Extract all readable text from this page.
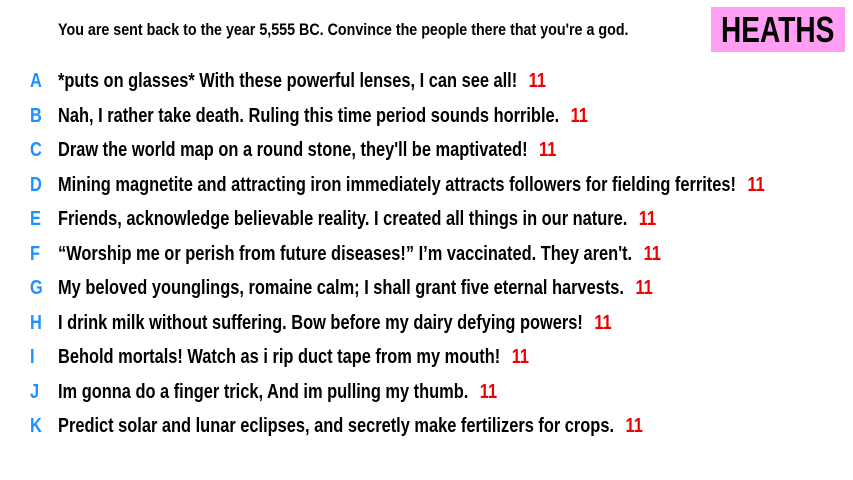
You are sent back to the year 5,555 BC. Convince the people there that you're a god.	HEATHS
A *puts on glasses* With these powerful lenses, I can see all! 11
B Nah, I rather take death. Ruling this time period sounds horrible. 11
C Draw the world map on a round stone, they'll be maptivated! 11
D Mining magnetite and attracting iron immediately attracts followers for fielding ferrites! 11
E Friends, acknowledge believable reality. I created all things in our nature. 11
F “Worship me or perish from future diseases!” I’m vaccinated. They aren't. 11
G My beloved younglings, romaine calm; I shall grant five eternal harvests. 11
H I drink milk without suffering. Bow before my dairy defying powers! 11
I Behold mortals! Watch as i rip duct tape from my mouth! 11
J Im gonna do a finger trick, And im pulling my thumb. 11
K Predict solar and lunar eclipses, and secretly make fertilizers for crops. 11
